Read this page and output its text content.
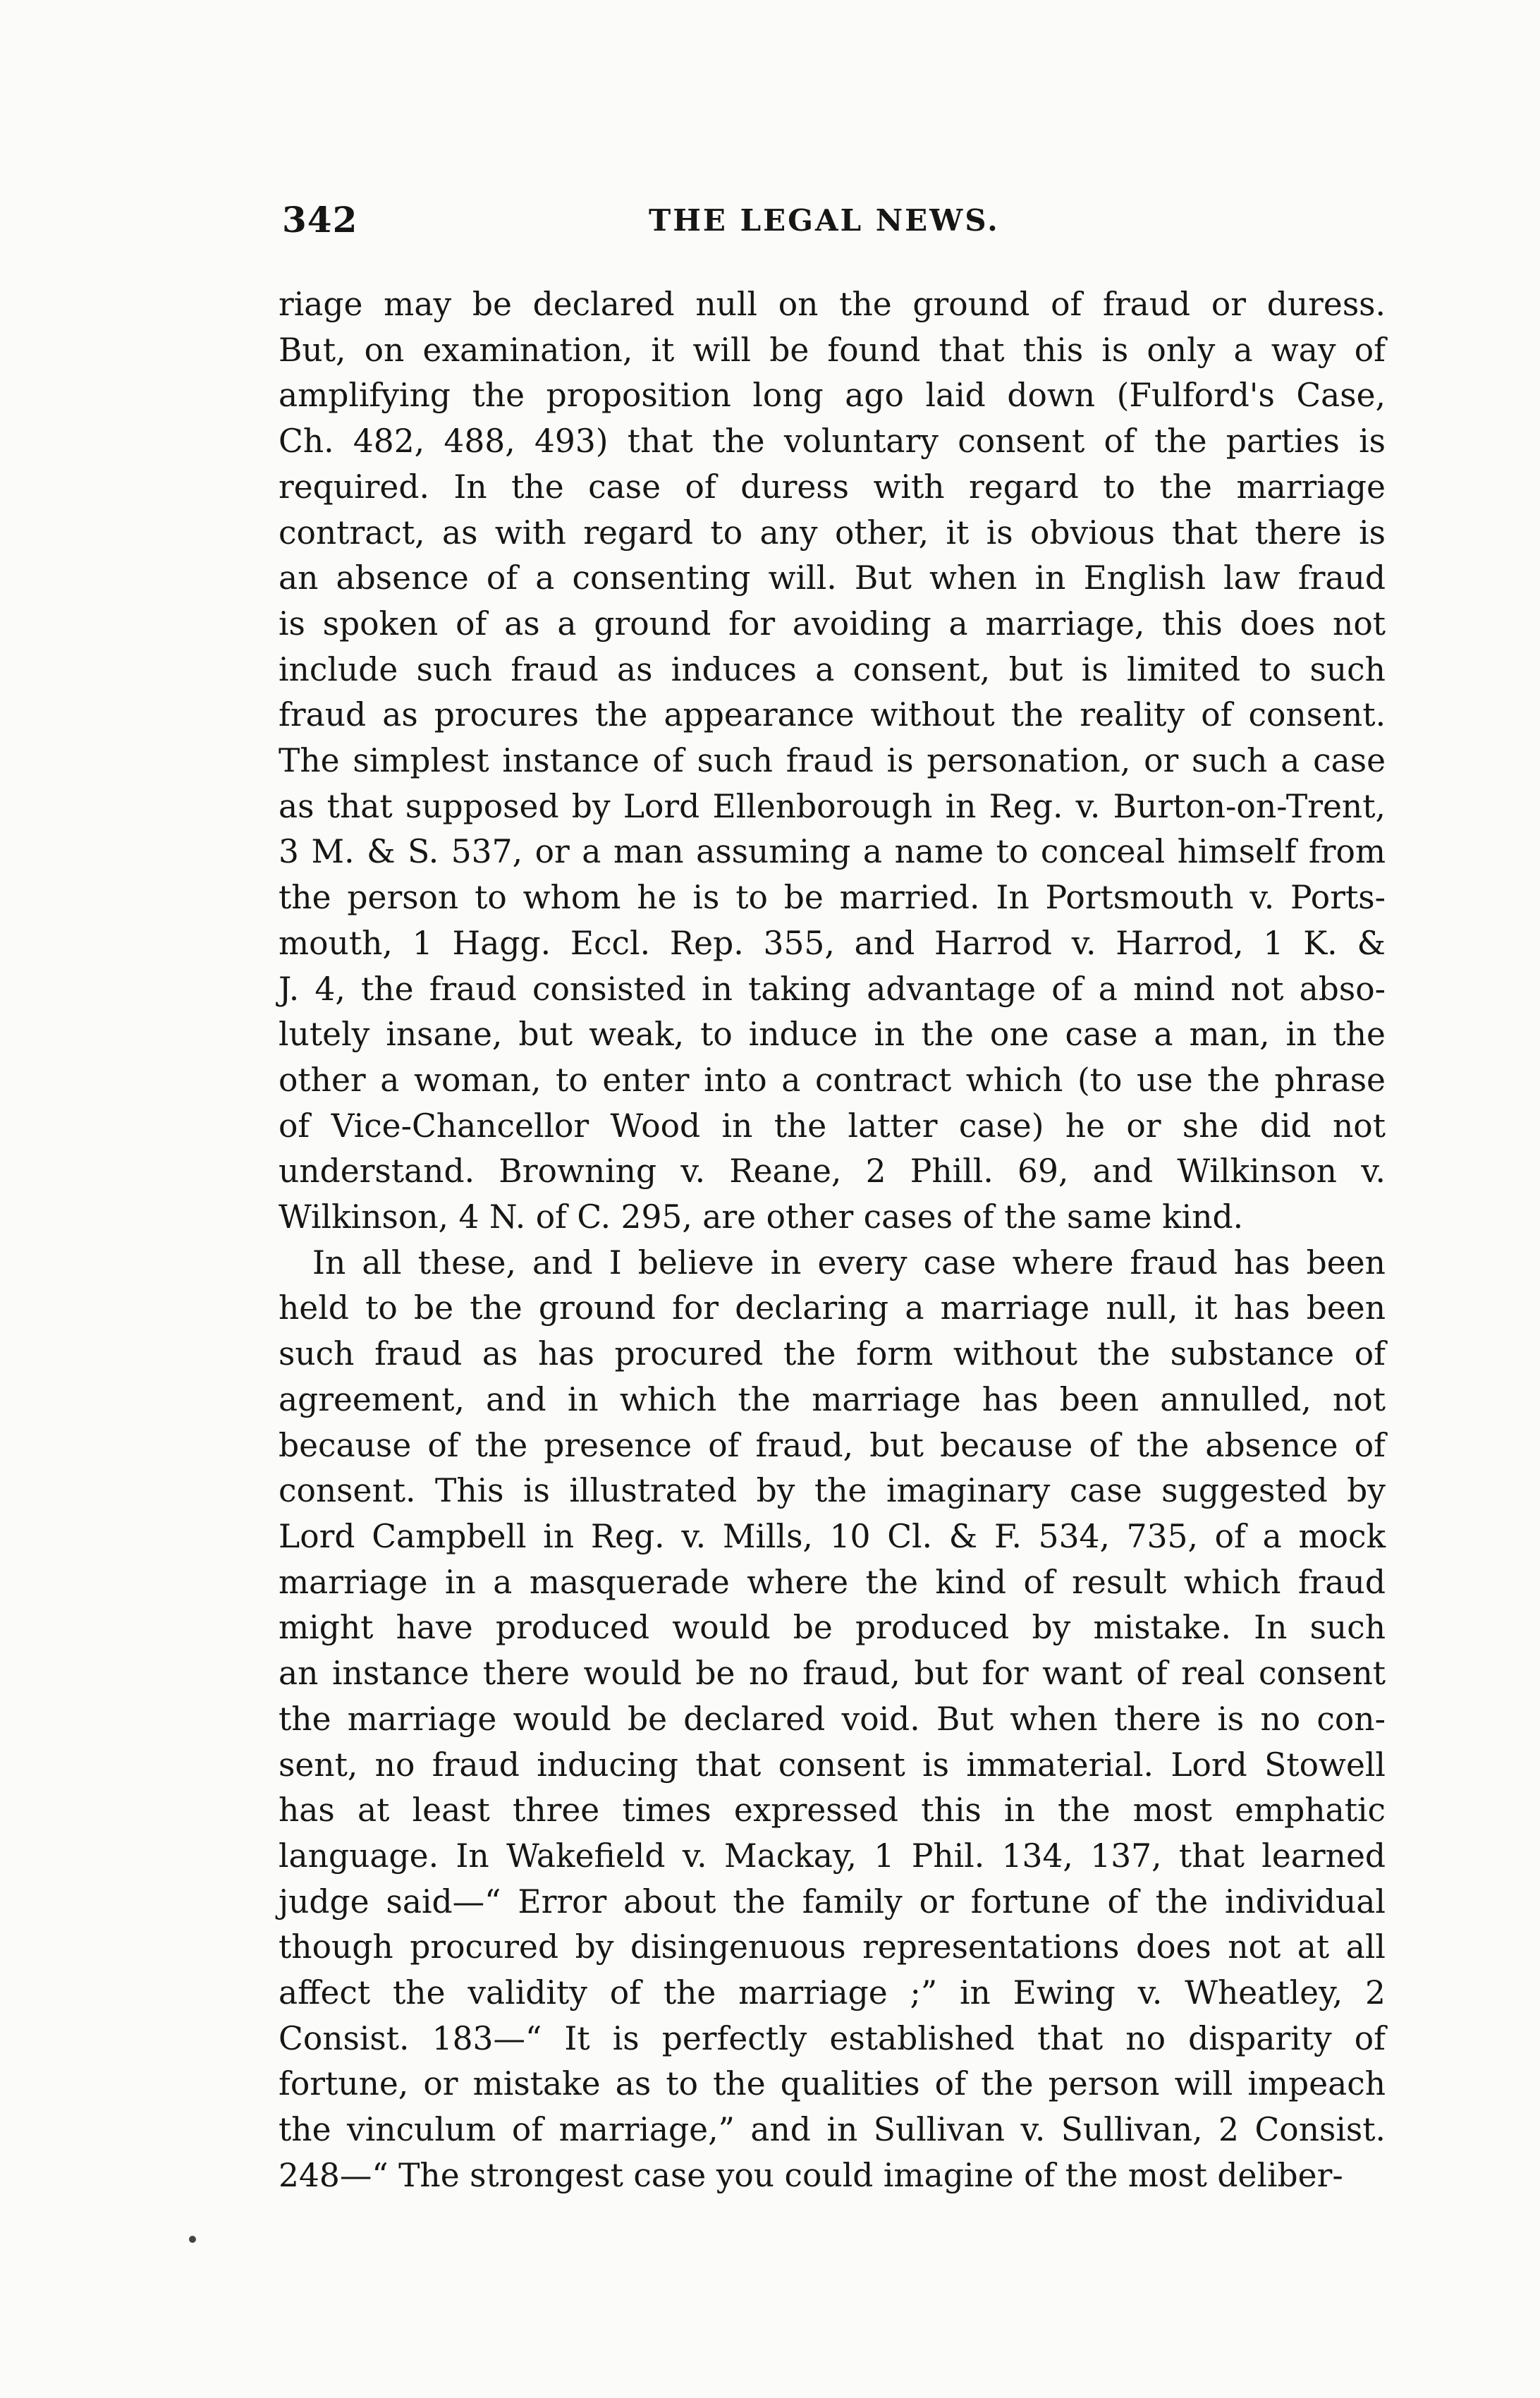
342	THE LEGAL NEWS.

riage may be declared null on the ground of fraud or duress.
But, on examination, it will be found that this is only a way of
amplifying the proposition long ago laid down (Fulford's Case,
Ch. 482, 488, 493) that the voluntary consent of the parties is
required. In the case of duress with regard to the marriage
contract, as with regard to any other, it is obvious that there is
an absence of a consenting will. But when in English law fraud
is spoken of as a ground for avoiding a marriage, this does not
include such fraud as induces a consent, but is limited to such
fraud as procures the appearance without the reality of consent.
The simplest instance of such fraud is personation, or such a case
as that supposed by Lord Ellenborough in Reg. v. Burton-on-Trent,
3 M. & S. 537, or a man assuming a name to conceal himself from
the person to whom he is to be married. In Portsmouth v. Ports-
mouth, 1 Hagg. Eccl. Rep. 355, and Harrod v. Harrod, 1 K. &
J. 4, the fraud consisted in taking advantage of a mind not abso-
lutely insane, but weak, to induce in the one case a man, in the
other a woman, to enter into a contract which (to use the phrase
of Vice-Chancellor Wood in the latter case) he or she did not
understand. Browning v. Reane, 2 Phill. 69, and Wilkinson v.
Wilkinson, 4 N. of C. 295, are other cases of the same kind.

In all these, and I believe in every case where fraud has been
held to be the ground for declaring a marriage null, it has been
such fraud as has procured the form without the substance of
agreement, and in which the marriage has been annulled, not
because of the presence of fraud, but because of the absence of
consent. This is illustrated by the imaginary case suggested by
Lord Campbell in Reg. v. Mills, 10 Cl. & F. 534, 735, of a mock
marriage in a masquerade where the kind of result which fraud
might have produced would be produced by mistake. In such
an instance there would be no fraud, but for want of real consent
the marriage would be declared void. But when there is no con-
sent, no fraud inducing that consent is immaterial. Lord Stowell
has at least three times expressed this in the most emphatic
language. In Wakefield v. Mackay, 1 Phil. 134, 137, that learned
judge said—“ Error about the family or fortune of the individual
though procured by disingenuous representations does not at all
affect the validity of the marriage ;” in Ewing v. Wheatley, 2
Consist. 183—“ It is perfectly established that no disparity of
fortune, or mistake as to the qualities of the person will impeach
the vinculum of marriage,” and in Sullivan v. Sullivan, 2 Consist.
248—“ The strongest case you could imagine of the most deliber-
